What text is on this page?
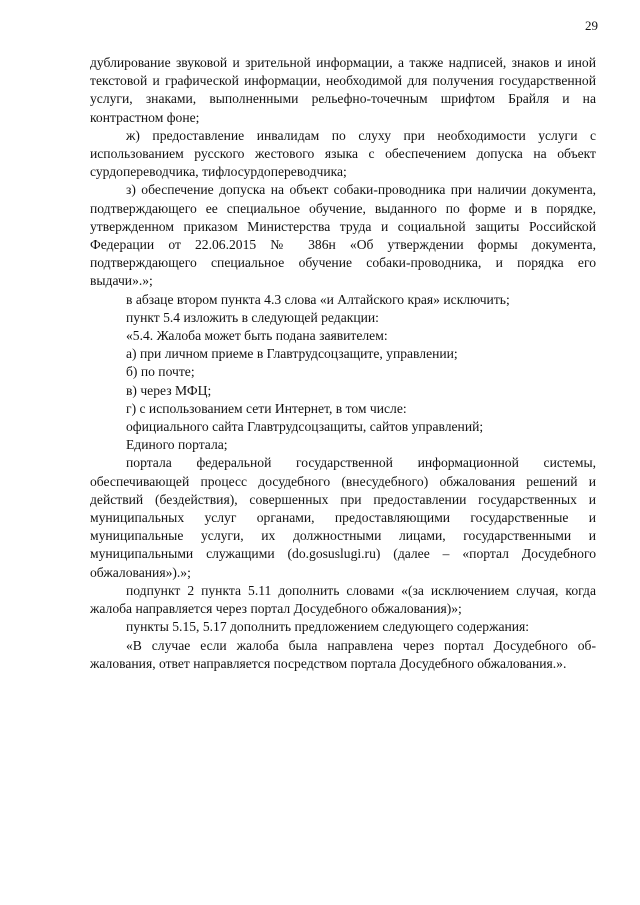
29

дублирование звуковой и зрительной информации, а также надписей, знаков и иной текстовой и графической информации, необходимой для получения государственной услуги, знаками, выполненными рельефно-точечным шрифтом Брайля и на контрастном фоне;

ж) предоставление инвалидам по слуху при необходимости услуги с использованием русского жестового языка с обеспечением допуска на объект сурдопереводчика, тифлосурдопереводчика;

з) обеспечение допуска на объект собаки-проводника при наличии документа, подтверждающего ее специальное обучение, выданного по форме и в порядке, утвержденном приказом Министерства труда и социальной защиты Российской Федерации от 22.06.2015 № 386н «Об утверждении формы документа, подтверждающего специальное обучение собаки-проводника, и порядка его выдачи».»;

в абзаце втором пункта 4.3 слова «и Алтайского края» исключить;

пункт 5.4 изложить в следующей редакции:

«5.4. Жалоба может быть подана заявителем:

а) при личном приеме в Главтрудсоцзащите, управлении;

б) по почте;

в) через МФЦ;

г) с использованием сети Интернет, в том числе:

официального сайта Главтрудсоцзащиты, сайтов управлений;

Единого портала;

портала федеральной государственной информационной системы, обеспечивающей процесс досудебного (внесудебного) обжалования решений и действий (бездействия), совершенных при предоставлении государственных и муниципальных услуг органами, предоставляющими государственные и муниципальные услуги, их должностными лицами, государственными и муниципальными служащими (do.gosuslugi.ru) (далее – «портал Досудебного обжалования»).»;

подпункт 2 пункта 5.11 дополнить словами «(за исключением случая, когда жалоба направляется через портал Досудебного обжалования)»;

пункты 5.15, 5.17 дополнить предложением следующего содержания:

«В случае если жалоба была направлена через портал Досудебного обжалования, ответ направляется посредством портала Досудебного обжалования.».
